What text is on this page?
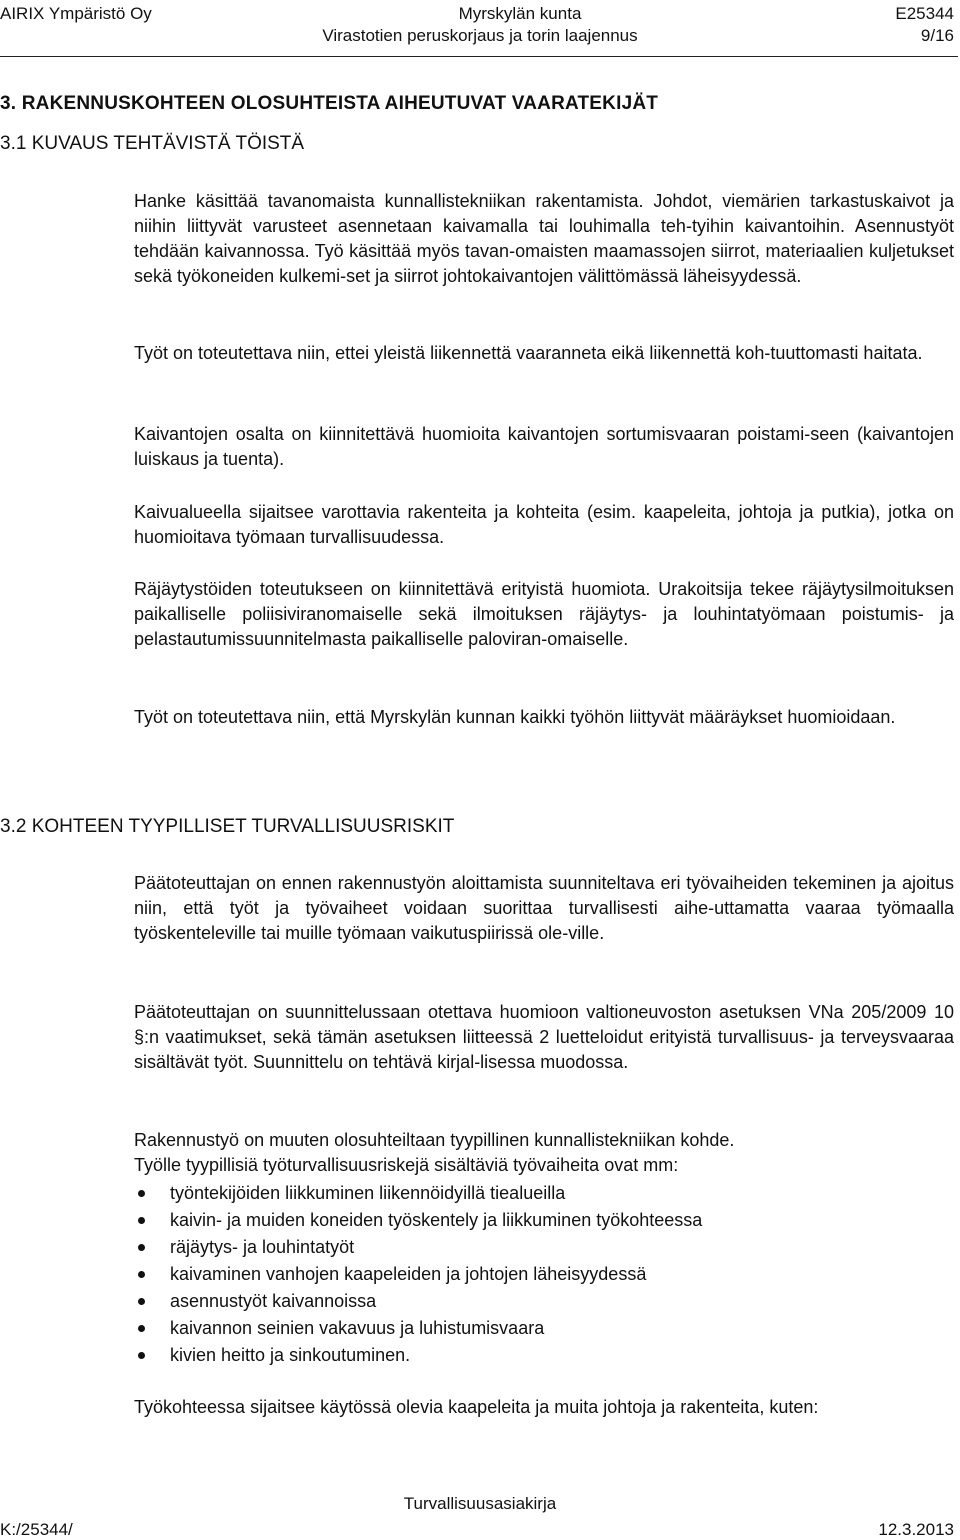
AIRIX Ympäristö Oy	Myrskylän kunta	E25344
Virastotien peruskorjaus ja torin laajennus	9/16
3. RAKENNUSKOHTEEN OLOSUHTEISTA AIHEUTUVAT VAARATEKIJÄT
3.1 KUVAUS TEHTÄVISTÄ TÖISTÄ

Hanke käsittää tavanomaista kunnallistekniikan rakentamista. Johdot, viemärien tarkastuskaivot ja niihin liittyvät varusteet asennetaan kaivamalla tai louhimalla teh-tyihin kaivantoihin. Asennustyöt tehdään kaivannossa. Työ käsittää myös tavan-omaisten maamassojen siirrot, materiaalien kuljetukset sekä työkoneiden kulkemi-set ja siirrot johtokaivantojen välittömässä läheisyydessä.

Työt on toteutettava niin, ettei yleistä liikennettä vaaranneta eikä liikennettä koh-tuuttomasti haitata.

Kaivantojen osalta on kiinnitettävä huomioita kaivantojen sortumisvaaran poistami-seen (kaivantojen luiskaus ja tuenta).

Kaivualueella sijaitsee varottavia rakenteita ja kohteita (esim. kaapeleita, johtoja ja putkia), jotka on huomioitava työmaan turvallisuudessa.

Räjäytystöiden toteutukseen on kiinnitettävä erityistä huomiota. Urakoitsija tekee räjäytysilmoituksen paikalliselle poliisiviranomaiselle sekä ilmoituksen räjäytys- ja louhintatyömaan poistumis- ja pelastautumissuunnitelmasta paikalliselle paloviran-omaiselle.

Työt on toteutettava niin, että Myrskylän kunnan kaikki työhön liittyvät määräykset huomioidaan.

3.2 KOHTEEN TYYPILLISET TURVALLISUUSRISKIT

Päätoteuttajan on ennen rakennustyön aloittamista suunniteltava eri työvaiheiden tekeminen ja ajoitus niin, että työt ja työvaiheet voidaan suorittaa turvallisesti aihe-uttamatta vaaraa työmaalla työskenteleville tai muille työmaan vaikutuspiirissä ole-ville.

Päätoteuttajan on suunnittelussaan otettava huomioon valtioneuvoston asetuksen VNa 205/2009 10 §:n vaatimukset, sekä tämän asetuksen liitteessä 2 luetteloidut erityistä turvallisuus- ja terveysvaaraa sisältävät työt. Suunnittelu on tehtävä kirjal-lisessa muodossa.

Rakennustyö on muuten olosuhteiltaan tyypillinen kunnallistekniikan kohde.

Työlle tyypillisiä työturvallisuusriskejä sisältäviä työvaiheita ovat mm:

työntekijöiden liikkuminen liikennöidyillä tiealueilla
kaivin- ja muiden koneiden työskentely ja liikkuminen työkohteessa
räjäytys- ja louhintatyöt
kaivaminen vanhojen kaapeleiden ja johtojen läheisyydessä
asennustyöt kaivannoissa
kaivannon seinien vakavuus ja luhistumisvaara
kivien heitto ja sinkoutuminen.

Työkohteessa sijaitsee käytössä olevia kaapeleita ja muita johtoja ja rakenteita, kuten:

Turvallisuusasiakirja
K:/25344/	12.3.2013
